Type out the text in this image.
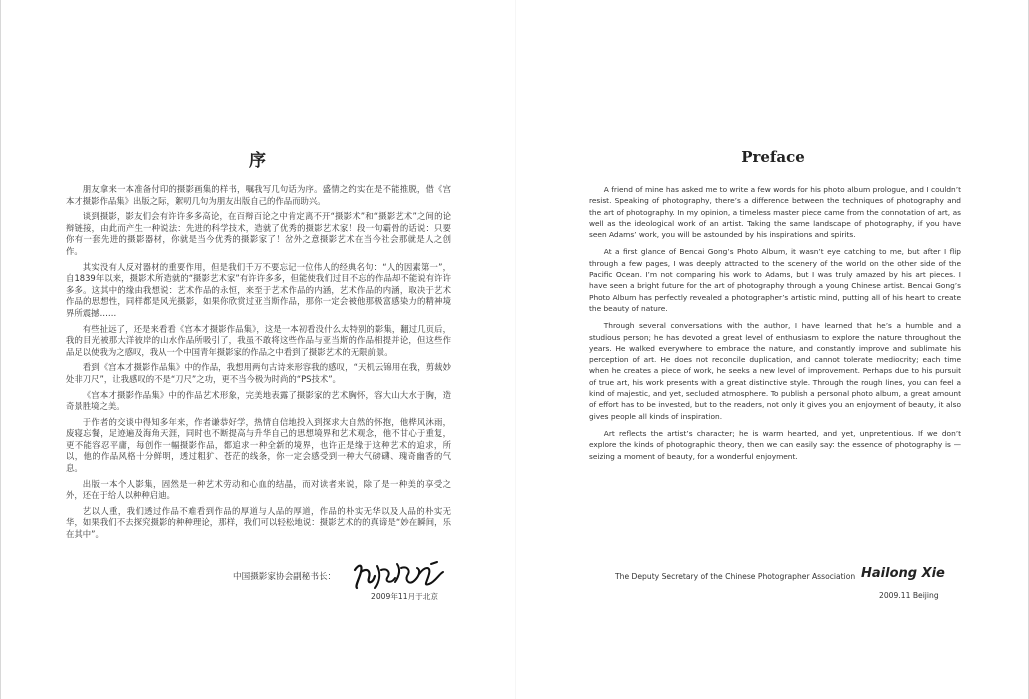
序

朋友拿来一本准备付印的摄影画集的样书，嘱我写几句话为序。盛情之约实在是不能推脱，借《宫本才摄影作品集》出版之际，絮叨几句为朋友出版自己的作品而助兴。

谈到摄影，影友们会有许许多多高论，在百辩百论之中肯定离不开“摄影术”和“摄影艺术”之间的论辩链接，由此而产生一种说法：先进的科学技术，造就了优秀的摄影艺术家！段一句霸骨的话说：只要你有一套先进的摄影器材，你就是当今优秀的摄影家了！岔外之意摄影艺术在当今社会那就是人之创作。

其实没有人反对器材的重要作用，但是我们千万不要忘记一位伟人的经典名句：“人的因素第一”，自1839年以来，摄影术所造就的“摄影艺术家”有许许多多，但能使我们过目不忘的作品却不能说有许许多多。这其中的缘由我想说：艺术作品的永恒，来至于艺术作品的内涵，艺术作品的内涵，取决于艺术作品的思想性，同样都是风光摄影，如果你欣赏过亚当斯作品，那你一定会被他那极富感染力的精神境界所震撼……

有些扯远了，还是来看看《宫本才摄影作品集》，这是一本初看没什么太特别的影集，翻过几页后，我的目光被那大洋彼岸的山水作品所吸引了，我虽不敢将这些作品与亚当斯的作品相提并论，但这些作品足以使我为之感叹，我从一个中国青年摄影家的作品之中看到了摄影艺术的无限前景。

看到《宫本才摄影作品集》中的作品，我想用两句古诗来形容我的感叹，“天机云锦用在我，剪裁妙处非刀尺”，让我感叹的不是“刀尺”之功，更不当今极为时尚的“PS技术”。

《宫本才摄影作品集》中的作品艺术形象，完美地表露了摄影家的艺术胸怀，容大山大水于胸，造奇景胜境之美。

于作者的交谈中得知多年来，作者谦恭好学，热情自信地投入到探求大自然的怀抱，他桦风沐雨，废寝忘餐，足迹遍及海角天涯，同时也不断提高与升华自己的思想境界和艺术观念，他不甘心于重复，更不能容忍平庸，每创作一幅摄影作品，都追求一种全新的境界，也许正是缘于这种艺术的追求，所以，他的作品风格十分鲜明，透过粗犷、苍茫的线条，你一定会感受到一种大气磅礴、瑰奇幽香的气息。

出版一本个人影集，固然是一种艺术劳动和心血的结晶，而对读者来说，除了是一种美的享受之外，还在于给人以种种启迪。

艺以人重，我们透过作品不难看到作品的厚道与人品的厚道，作品的朴实无华以及人品的朴实无华，如果我们不去探究摄影的种种理论，那样，我们可以轻松地说：摄影艺术的的真谛是“妙在瞬间，乐在其中”。

中国摄影家协会副秘书长：
2009年11月于北京
Preface

A friend of mine has asked me to write a few words for his photo album prologue, and I couldn’t resist. Speaking of photography, there’s a difference between the techniques of photography and the art of photography. In my opinion, a timeless master piece came from the connotation of art, as well as the ideological work of an artist. Taking the same landscape of photography, if you have seen Adams’ work, you will be astounded by his inspirations and spirits.

At a first glance of Bencai Gong’s Photo Album, it wasn’t eye catching to me, but after I flip through a few pages, I was deeply attracted to the scenery of the world on the other side of the Pacific Ocean. I’m not comparing his work to Adams, but I was truly amazed by his art pieces. I have seen a bright future for the art of photography through a young Chinese artist. Bencai Gong’s Photo Album has perfectly revealed a photographer’s artistic mind, putting all of his heart to create the beauty of nature.

Through several conversations with the author, I have learned that he’s a humble and a studious person; he has devoted a great level of enthusiasm to explore the nature throughout the years. He walked everywhere to embrace the nature, and constantly improve and sublimate his perception of art. He does not reconcile duplication, and cannot tolerate mediocrity; each time when he creates a piece of work, he seeks a new level of improvement. Perhaps due to his pursuit of true art, his work presents with a great distinctive style. Through the rough lines, you can feel a kind of majestic, and yet, secluded atmosphere. To publish a personal photo album, a great amount of effort has to be invested, but to the readers, not only it gives you an enjoyment of beauty, it also gives people all kinds of inspiration.

Art reflects the artist’s character; he is warm hearted, and yet, unpretentious. If we don’t explore the kinds of photographic theory, then we can easily say: the essence of photography is — seizing a moment of beauty, for a wonderful enjoyment.

The Deputy Secretary of the Chinese Photographer Association Hailong Xie
2009.11 Beijing
